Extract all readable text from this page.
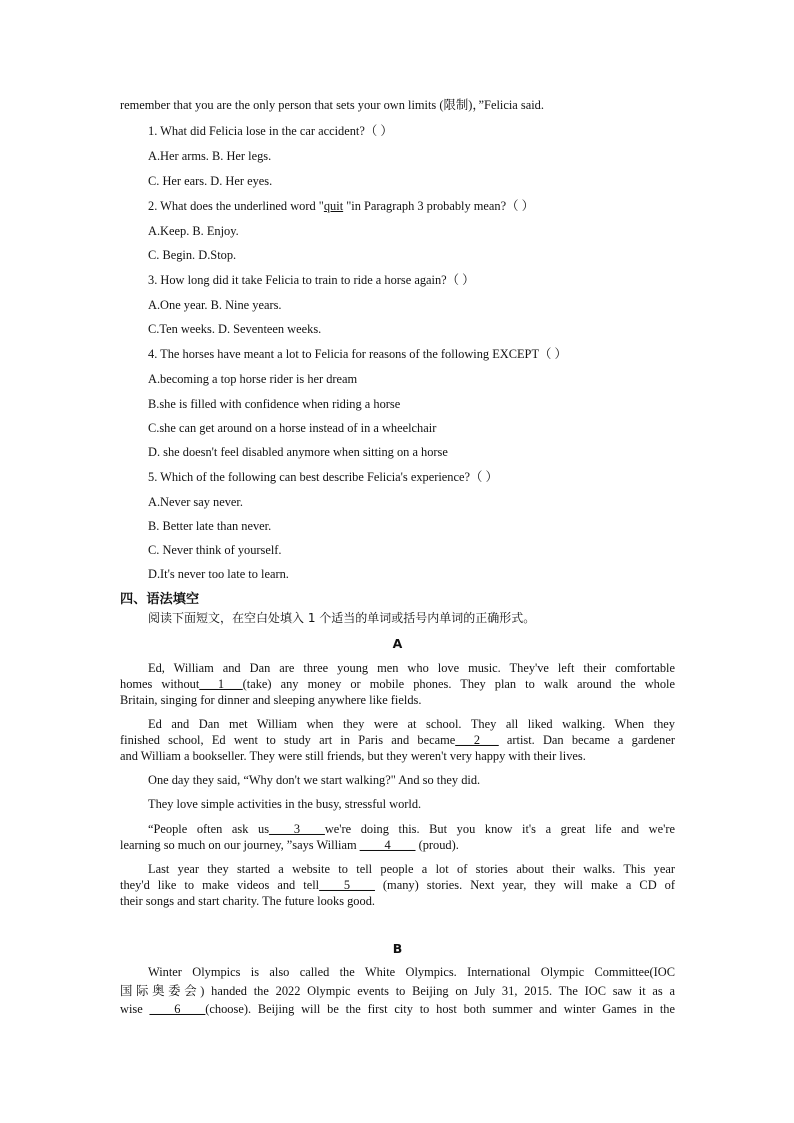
remember that you are the only person that sets your own limits (限制)，”Felicia said.
1. What did Felicia lose in the car accident?（ ）
A.Her arms. B. Her legs.
C. Her ears. D. Her eyes.
2. What does the underlined word "quit "in Paragraph 3 probably mean?（ ）
A.Keep. B. Enjoy.
C. Begin. D.Stop.
3. How long did it take Felicia to train to ride a horse again?（ ）
A.One year. B. Nine years.
C.Ten weeks. D. Seventeen weeks.
4. The horses have meant a lot to Felicia for reasons of the following EXCEPT（ ）
A.becoming a top horse rider is her dream
B.she is filled with confidence when riding a horse
C.she can get around on a horse instead of in a wheelchair
D. she doesn't feel disabled anymore when sitting on a horse
5. Which of the following can best describe Felicia's experience?（ ）
A.Never say never.
B. Better late than never.
C. Never think of yourself.
D.It's never too late to learn.
四、语法填空
阅读下面短文，在空白处填入 1 个适当的单词或括号内单词的正确形式。
A
Ed, William and Dan are three young men who love music. They've left their comfortable
homes without___1___(take) any money or mobile phones. They plan to walk around the whole
Britain, singing for dinner and sleeping anywhere like fields.
Ed and Dan met William when they were at school. They all liked walking. When they
finished school, Ed went to study art in Paris and became___2___ artist. Dan became a gardener
and William a bookseller. They were still friends, but they weren't very happy with their lives.
One day they said, “Why don't we start walking?" And so they did.
They love simple activities in the busy, stressful world.
“People often ask us____3____we're doing this. But you know it's a great life and we're
learning so much on our journey, ”says William ____4____ (proud).
Last year they started a website to tell people a lot of stories about their walks. This year
they'd like to make videos and tell____5____ (many) stories. Next year, they will make a CD of
their songs and start charity. The future looks good.
B
Winter Olympics is also called the White Olympics. International Olympic Committee(IOC
国际奥委会) handed the 2022 Olympic events to Beijing on July 31, 2015. The IOC saw it as a
wise ____6____(choose). Beijing will be the first city to host both summer and winter Games in the
